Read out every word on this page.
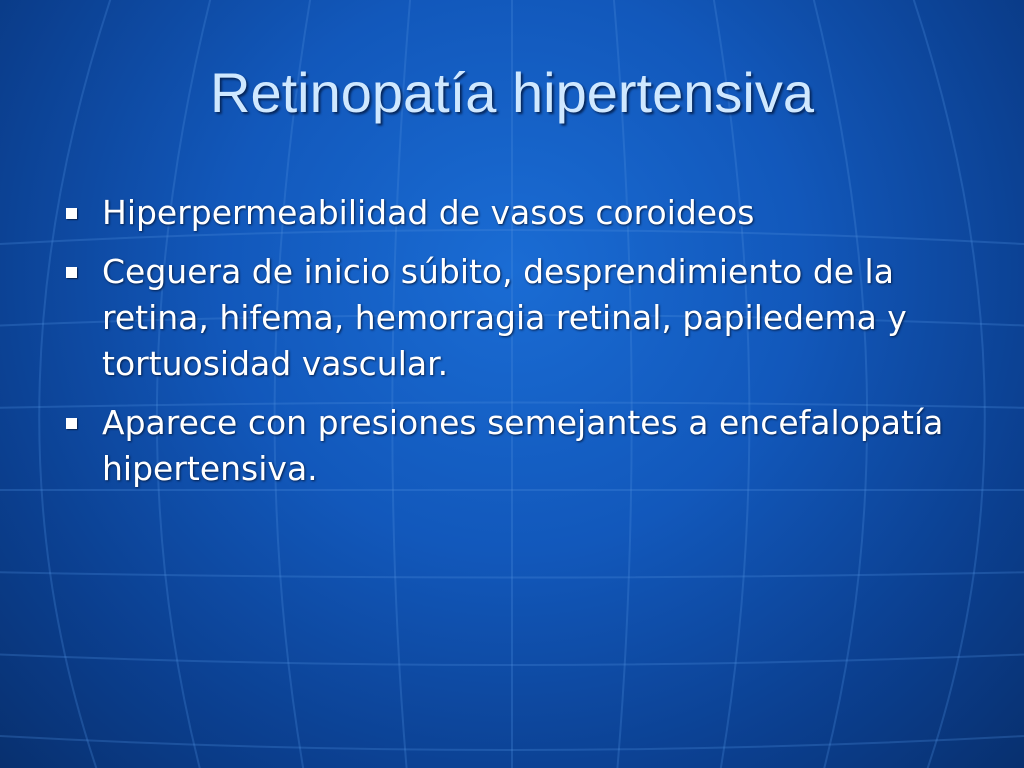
Retinopatía hipertensiva
Hiperpermeabilidad de vasos coroideos
Ceguera de inicio súbito, desprendimiento de la retina, hifema, hemorragia retinal, papiledema y tortuosidad vascular.
Aparece con presiones semejantes a encefalopatía hipertensiva.
